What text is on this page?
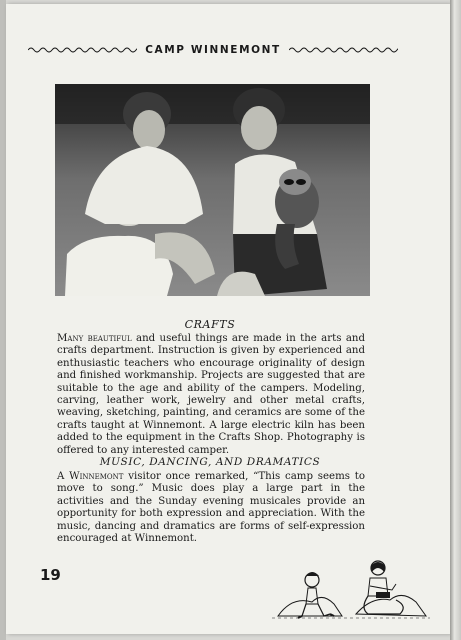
CAMP WINNEMONT
CRAFTS

Many beautiful and useful things are made in the arts and crafts department. Instruction is given by experienced and enthusiastic teachers who encourage originality of design and finished workmanship. Projects are suggested that are suitable to the age and ability of the campers. Modeling, carving, leather work, jewelry and other metal crafts, weaving, sketching, painting, and ceramics are some of the crafts taught at Winnemont. A large electric kiln has been added to the equipment in the Crafts Shop. Photography is offered to any interested camper.

MUSIC, DANCING, AND DRAMATICS

A Winnemont visitor once remarked, “This camp seems to move to song.” Music does play a large part in the activities and the Sunday evening musicales provide an opportunity for both expression and appreciation. With the music, dancing and dramatics are forms of self-expression encouraged at Winnemont.

19
